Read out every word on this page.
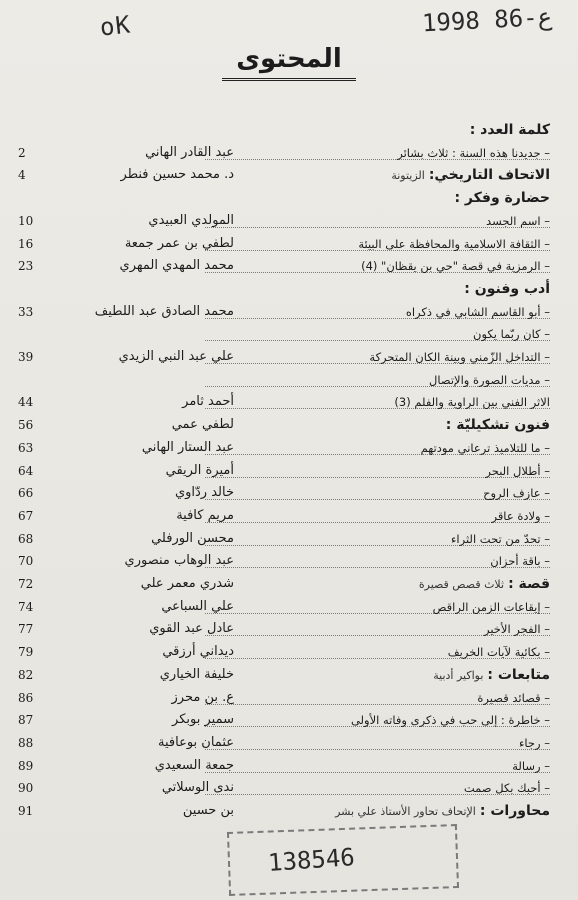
oK	1998 86-ع
المحتوى
كلمة العدد :
– جديدنا هذه السنة : ثلاث بشائر
عبد القادر الهاني
2
الاتحاف التاريخي:الزيتونة
د. محمد حسين فنطر
4
حضارة وفكر :
– اسم الجسد
المولدي العبيدي
10
– الثقافة الاسلامية والمحافظة على البيئة
لطفي بن عمر جمعة
16
– الرمزية في قصة "حي بن يقظان" (4)
محمد المهدي المهري
23
أدب وفنون :
– أبو القاسم الشابي في ذكراه
محمد الصادق عبد اللطيف
33
– كان ربّما يكون
– التداخل الزّمني وبينة الكان المتحركة
علي عبد النبي الزيدي
39
– مديات الصورة والإتصال
الاثر الفني بين الراوية والفلم (3)
أحمد ثامر
44
فنون تشكيليّة :
لطفي عمي
56
– ما للتلاميذ ترعاني مودتهم
عبد الستار الهاني
63
– أطلال البحر
أميرة الريقي
64
– عازف الروح
خالد ردّاوي
66
– ولادة عاقر
مريم كافية
67
– تحدّ من تحت الثراء
محسن الورفلي
68
– باقة أحزان
عبد الوهاب منصوري
70
قصة :ثلاث قصص قصيرة
شدري معمر علي
72
– إيقاعات الزمن الراقص
علي السباعي
74
– الفجر الأخير
عادل عبد القوي
77
– بكائية لآيات الخريف
ديداني أرزقي
79
متابعات :بواكير أدبية
خليفة الخياري
82
– قصائد قصيرة
ع. بن محرز
86
– خاطرة : إلى حب في ذكرى وفاته الأولى
سمير بوبكر
87
– رجاء
عثمان بوعافية
88
– رسالة
جمعة السعيدي
89
– أحبك بكل صمت
ندى الوسلاتي
90
محاورات :الإتحاف تحاور الأستاذ علي بشر
بن حسين
91
138546
